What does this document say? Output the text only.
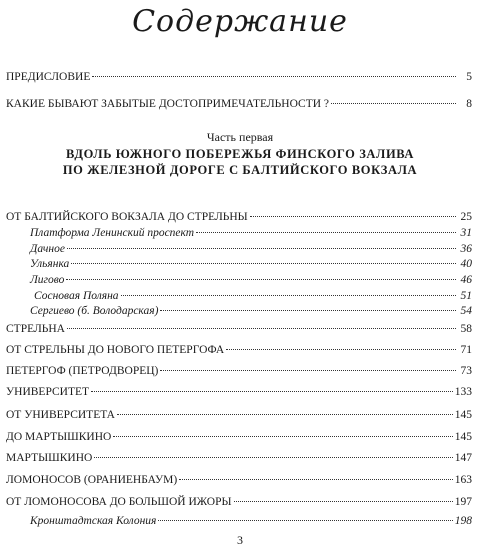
Содержание
ПРЕДИСЛОВИЕ	5
КАКИЕ БЫВАЮТ ЗАБЫТЫЕ ДОСТОПРИМЕЧАТЕЛЬНОСТИ ?	8
Часть первая
ВДОЛЬ ЮЖНОГО ПОБЕРЕЖЬЯ ФИНСКОГО ЗАЛИВА
ПО ЖЕЛЕЗНОЙ ДОРОГЕ С БАЛТИЙСКОГО ВОКЗАЛА
ОТ БАЛТИЙСКОГО ВОКЗАЛА ДО СТРЕЛЬНЫ	25
Платформа Ленинский проспект	31
Дачное	36
Ульянка	40
Лигово	46
Сосновая Поляна	51
Сергиево (б. Володарская)	54
СТРЕЛЬНА	58
ОТ СТРЕЛЬНЫ ДО НОВОГО ПЕТЕРГОФА	71
ПЕТЕРГОФ (ПЕТРОДВОРЕЦ)	73
УНИВЕРСИТЕТ	133
ОТ УНИВЕРСИТЕТА	145
ДО МАРТЫШКИНО	145
МАРТЫШКИНО	147
ЛОМОНОСОВ (ОРАНИЕНБАУМ)	163
ОТ ЛОМОНОСОВА ДО БОЛЬШОЙ ИЖОРЫ	197
Кронштадтская Колония	198
3
